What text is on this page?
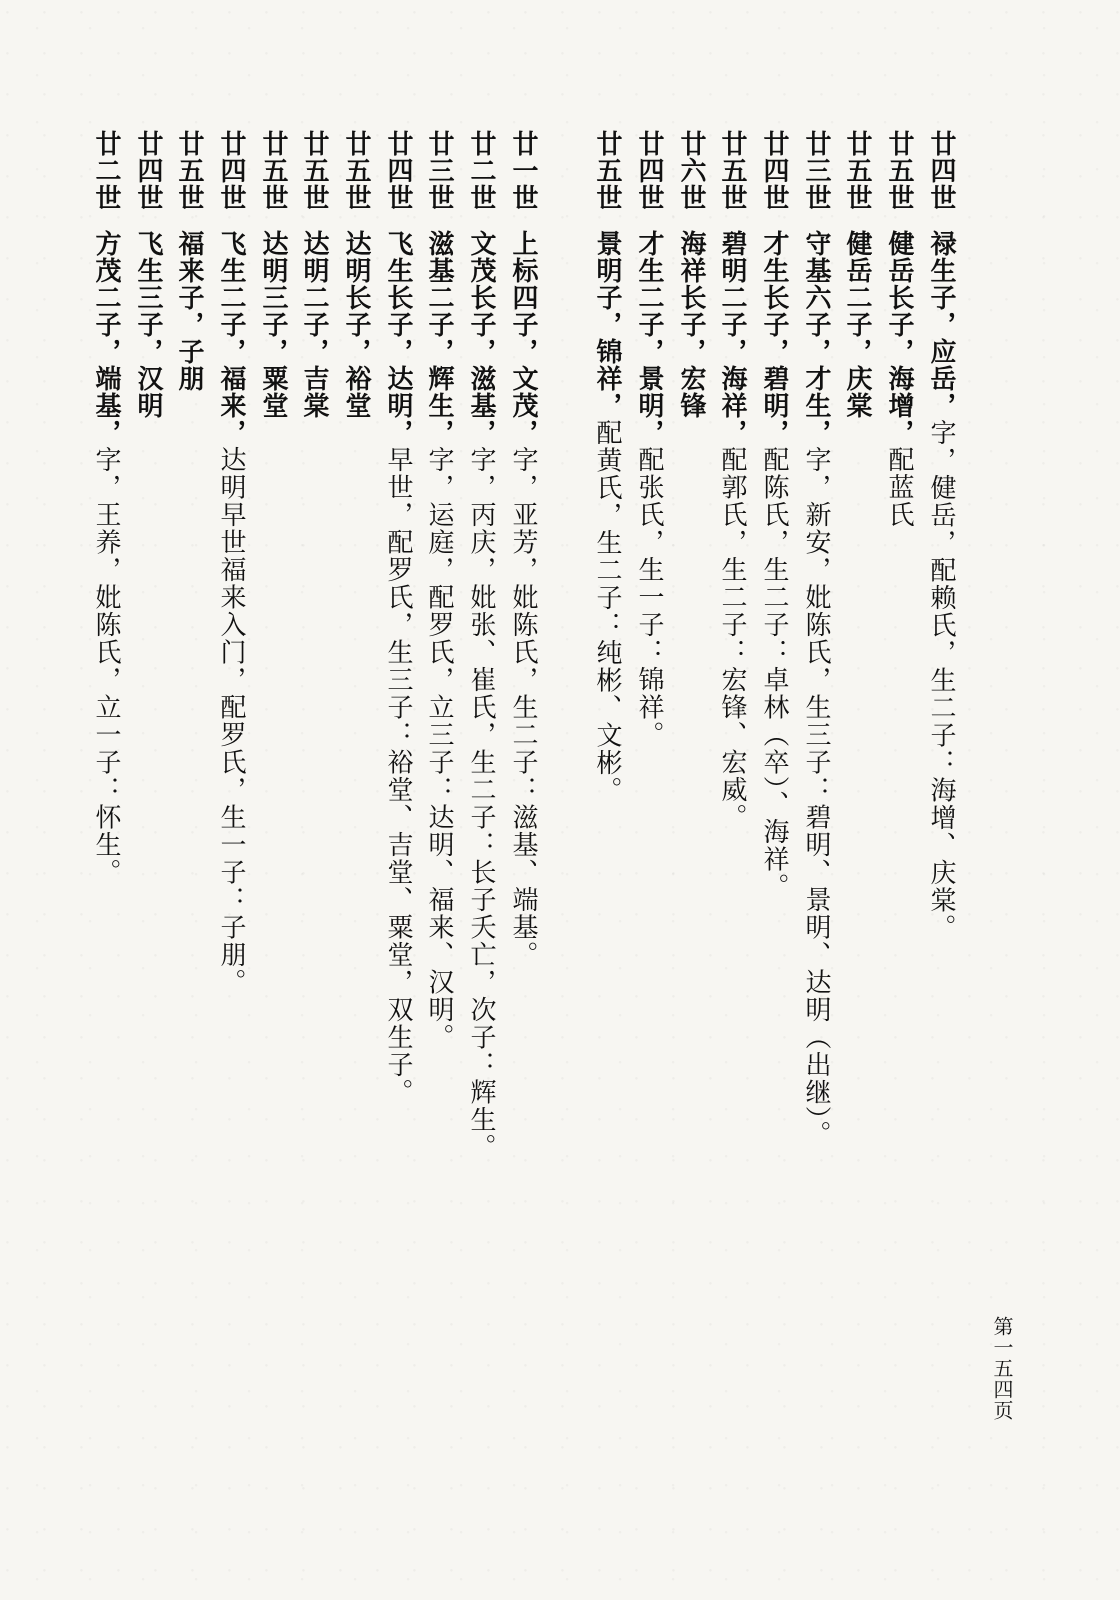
廿四世禄生子，应岳，字，健岳，配赖氏，生二子：海增、庆棠。
廿五世健岳长子，海增，配蓝氏
廿五世健岳二子，庆棠
廿三世守基六子，才生，字，新安，妣陈氏，生三子：碧明、景明、达明（出继）。
廿四世才生长子，碧明，配陈氏，生二子：卓林（卒）、海祥。
廿五世碧明二子，海祥，配郭氏，生二子：宏锋、宏威。
廿六世海祥长子，宏锋
廿四世才生二子，景明，配张氏，生一子：锦祥。
廿五世景明子，锦祥，配黄氏，生二子：纯彬、文彬。
廿一世上标四子，文茂，字，亚芳，妣陈氏，生二子：滋基、端基。
廿二世文茂长子，滋基，字，丙庆，妣张、崔氏，生二子：长子夭亡，次子：辉生。
廿三世滋基二子，辉生，字，运庭，配罗氏，立三子：达明、福来、汉明。
廿四世飞生长子，达明，早世，配罗氏，生三子：裕堂、吉堂、粟堂，双生子。
廿五世达明长子，裕堂
廿五世达明二子，吉棠
廿五世达明三子，粟堂
廿四世飞生二子，福来，达明早世福来入门，配罗氏，生一子：子朋。
廿五世福来子，子朋
廿四世飞生三子，汉明
廿二世方茂二子，端基，字，王养，妣陈氏，立一子：怀生。
第一五四页
